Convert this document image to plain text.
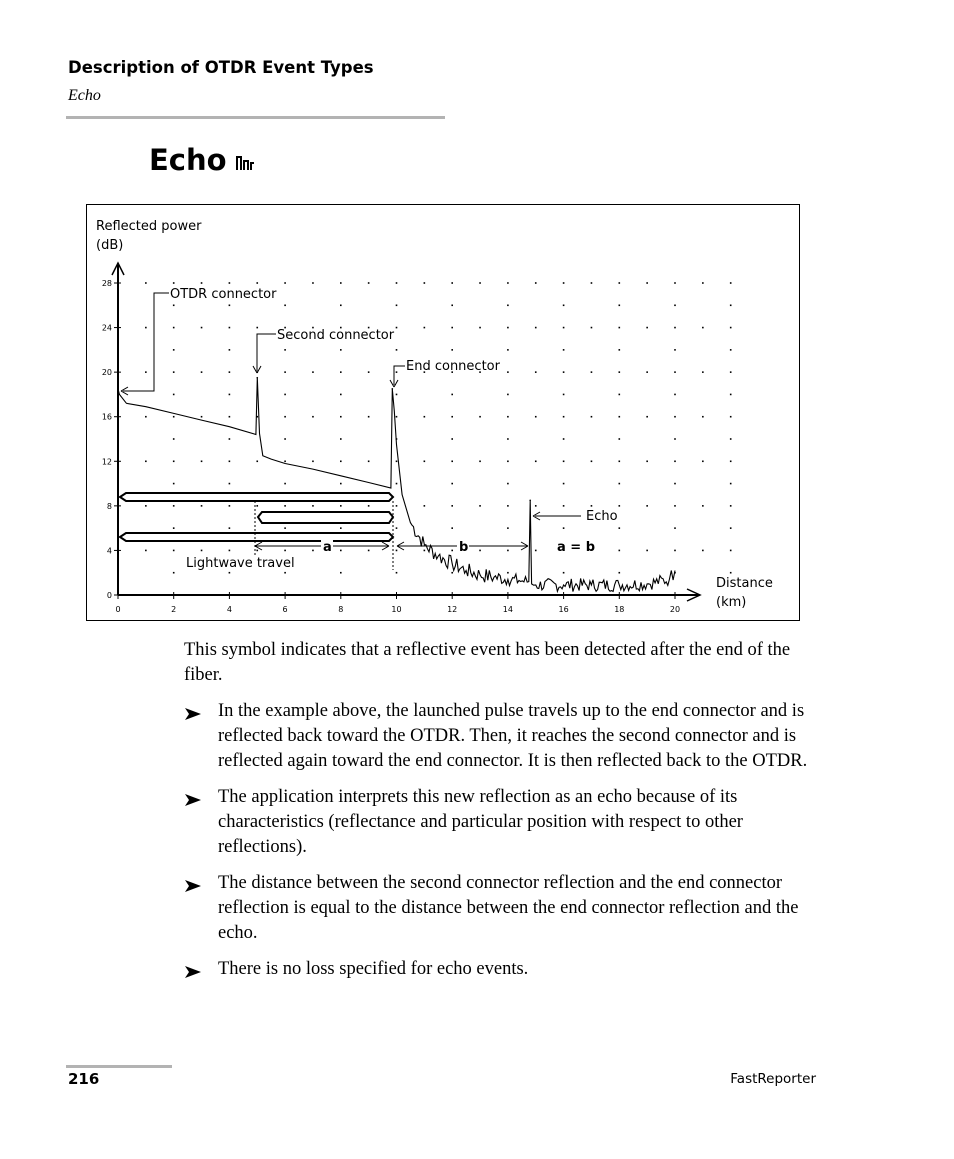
Description of OTDR Event Types
Echo
Echo
0
4
8
12
16
20
24
28
0	2	4	6	8	10	12	14	16	18	20
a	b	a = b
OTDR connector
Second connector
End connector
Echo
Lightwave travel
Reflected power
(dB)
Distance
(km)

This symbol indicates that a reflective event has been detected after the end of the fiber.

In the example above, the launched pulse travels up to the end connector and is reflected back toward the OTDR. Then, it reaches the second connector and is reflected again toward the end connector. It is then reflected back to the OTDR.
The application interprets this new reflection as an echo because of its characteristics (reflectance and particular position with respect to other reflections).
The distance between the second connector reflection and the end connector reflection is equal to the distance between the end connector reflection and the echo.
There is no loss specified for echo events.
216	FastReporter
